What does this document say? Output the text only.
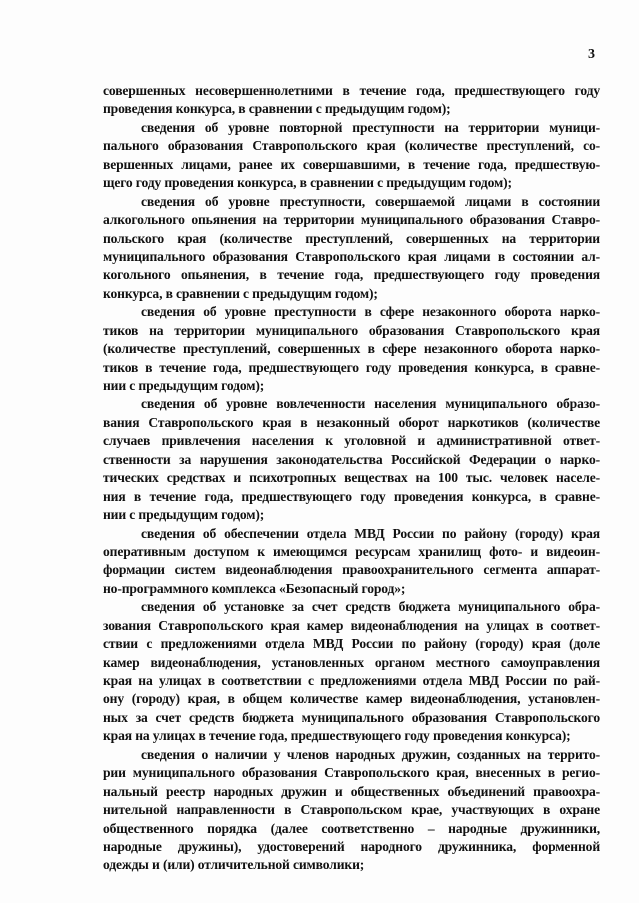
3
совершенных несовершеннолетними в течение года, предшествующего году
проведения конкурса, в сравнении с предыдущим годом);
сведения об уровне повторной преступности на территории муници-
пального образования Ставропольского края (количестве преступлений, со-
вершенных лицами, ранее их совершавшими, в течение года, предшествую-
щего году проведения конкурса, в сравнении с предыдущим годом);
сведения об уровне преступности, совершаемой лицами в состоянии
алкогольного опьянения на территории муниципального образования Ставро-
польского края (количестве преступлений, совершенных на территории
муниципального образования Ставропольского края лицами в состоянии ал-
когольного опьянения, в течение года, предшествующего году проведения
конкурса, в сравнении с предыдущим годом);
сведения об уровне преступности в сфере незаконного оборота нарко-
тиков на территории муниципального образования Ставропольского края
(количестве преступлений, совершенных в сфере незаконного оборота нарко-
тиков в течение года, предшествующего году проведения конкурса, в сравне-
нии с предыдущим годом);
сведения об уровне вовлеченности населения муниципального образо-
вания Ставропольского края в незаконный оборот наркотиков (количестве
случаев привлечения населения к уголовной и административной ответ-
ственности за нарушения законодательства Российской Федерации о нарко-
тических средствах и психотропных веществах на 100 тыс. человек населе-
ния в течение года, предшествующего году проведения конкурса, в сравне-
нии с предыдущим годом);
сведения об обеспечении отдела МВД России по району (городу) края
оперативным доступом к имеющимся ресурсам хранилищ фото- и видеоин-
формации систем видеонаблюдения правоохранительного сегмента аппарат-
но-программного комплекса «Безопасный город»;
сведения об установке за счет средств бюджета муниципального обра-
зования Ставропольского края камер видеонаблюдения на улицах в соответ-
ствии с предложениями отдела МВД России по району (городу) края (доле
камер видеонаблюдения, установленных органом местного самоуправления
края на улицах в соответствии с предложениями отдела МВД России по рай-
ону (городу) края, в общем количестве камер видеонаблюдения, установлен-
ных за счет средств бюджета муниципального образования Ставропольского
края на улицах в течение года, предшествующего году проведения конкурса);
сведения о наличии у членов народных дружин, созданных на террито-
рии муниципального образования Ставропольского края, внесенных в регио-
нальный реестр народных дружин и общественных объединений правоохра-
нительной направленности в Ставропольском крае, участвующих в охране
общественного порядка (далее соответственно – народные дружинники,
народные дружины), удостоверений народного дружинника, форменной
одежды и (или) отличительной символики;
